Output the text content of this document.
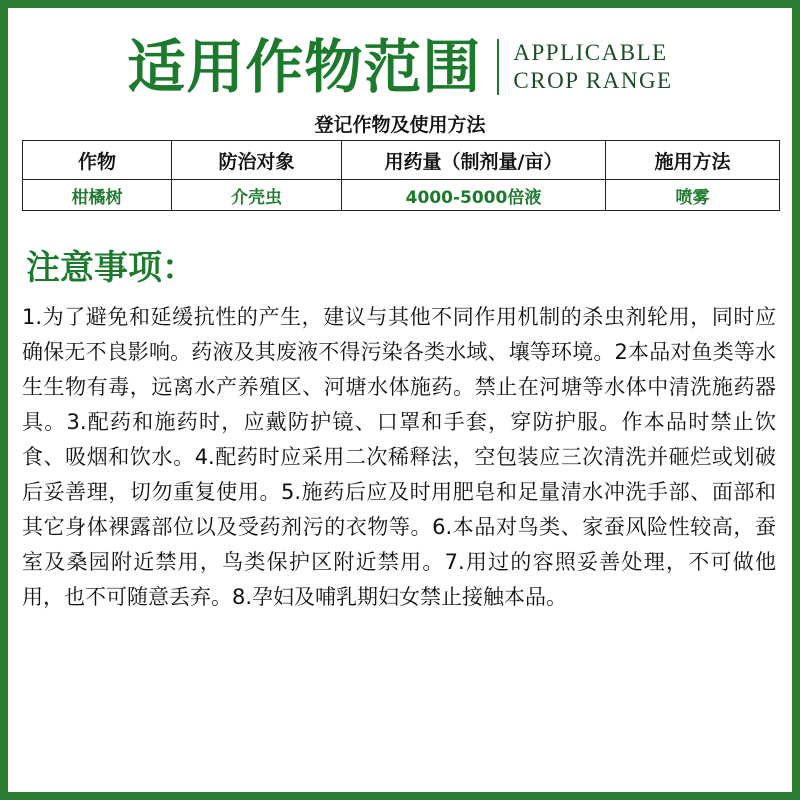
适用作物范围 APPLICABLE
CROP RANGE
登记作物及使用方法
作物	防治对象	用药量（制剂量/亩）	施用方法
柑橘树	介壳虫	4000-5000倍液	喷雾
注意事项：
1.为了避免和延缓抗性的产生，建议与其他不同作用机制的杀虫剂轮用，同时应确保无不良影响。药液及其废液不得污染各类水域、壤等环境。2本品对鱼类等水生生物有毒，远离水产养殖区、河塘水体施药。禁止在河塘等水体中清洗施药器具。3.配药和施药时，应戴防护镜、口罩和手套，穿防护服。作本品时禁止饮食、吸烟和饮水。4.配药时应采用二次稀释法，空包装应三次清洗并砸烂或划破后妥善理，切勿重复使用。5.施药后应及时用肥皂和足量清水冲洗手部、面部和其它身体裸露部位以及受药剂污的衣物等。6.本品对鸟类、家蚕风险性较高，蚕室及桑园附近禁用，鸟类保护区附近禁用。7.用过的容照妥善处理，不可做他用，也不可随意丢弃。8.孕妇及哺乳期妇女禁止接触本品。
